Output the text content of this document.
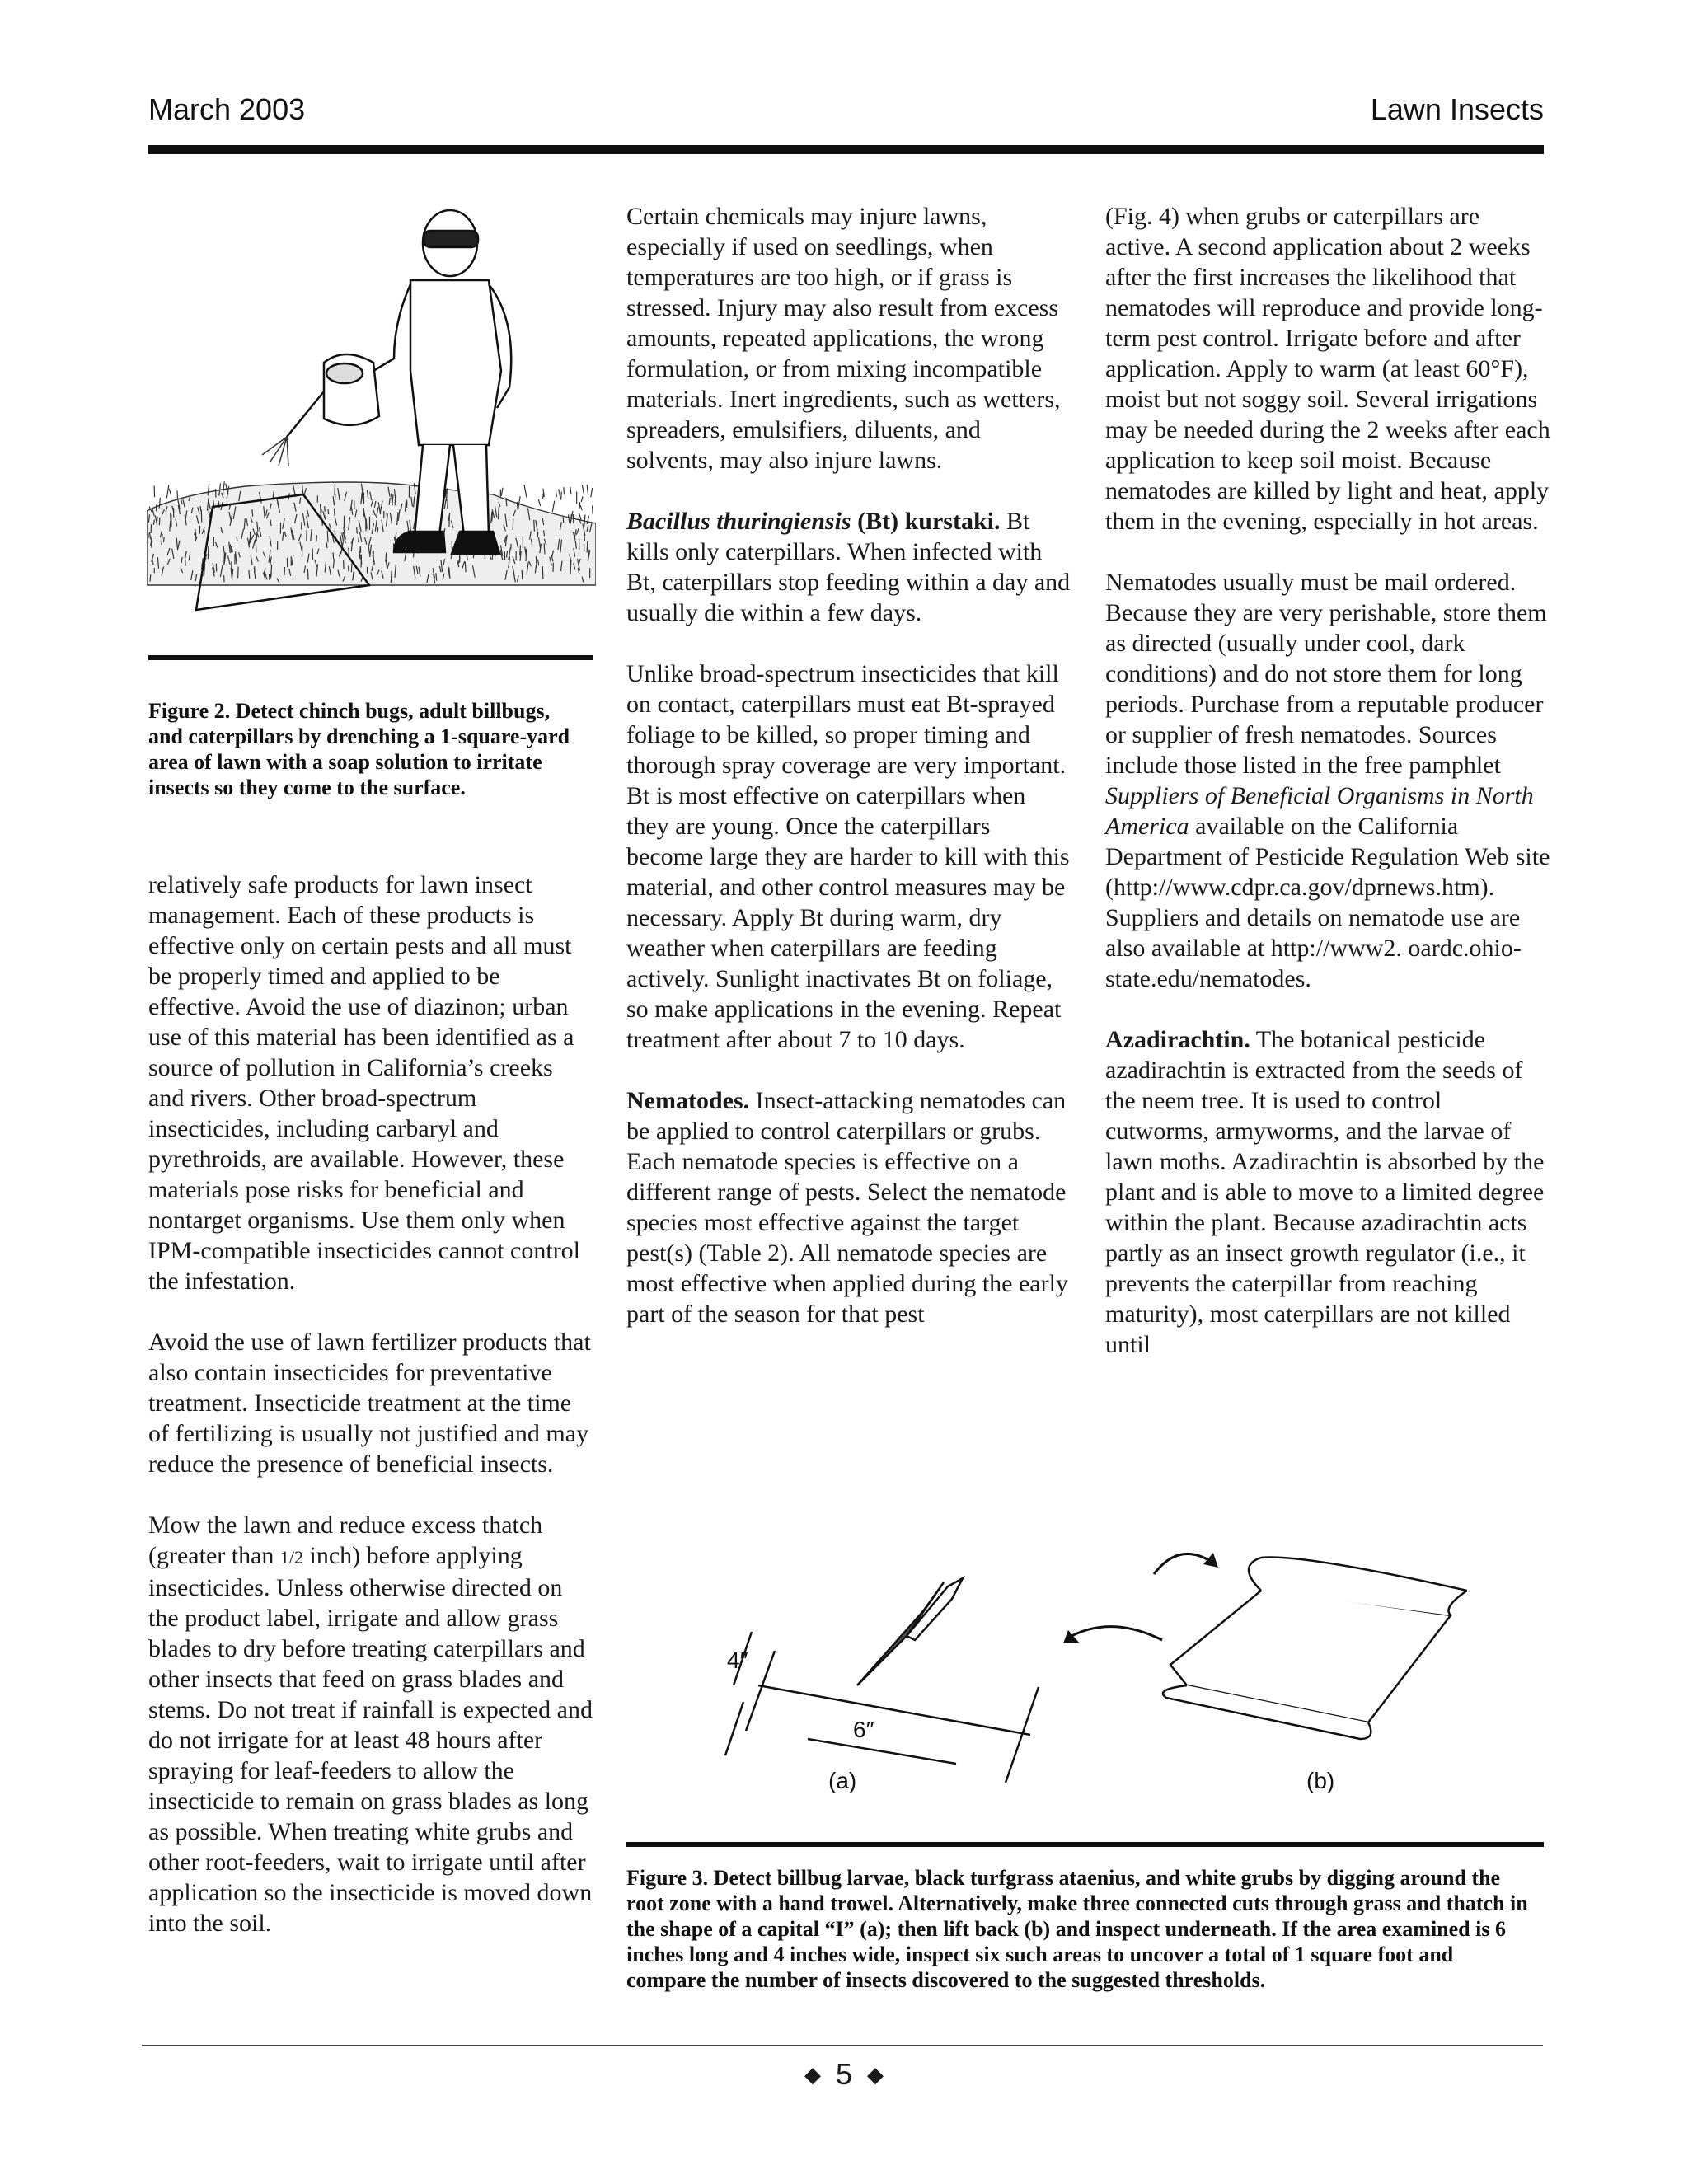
March 2003	Lawn Insects
Figure 2. Detect chinch bugs, adult billbugs, and caterpillars by drenching a 1-square-yard area of lawn with a soap solution to irritate insects so they come to the surface.

relatively safe products for lawn insect management. Each of these products is effective only on certain pests and all must be properly timed and applied to be effective. Avoid the use of diazinon; urban use of this material has been identified as a source of pollution in California’s creeks and rivers. Other broad-spectrum insecticides, including carbaryl and pyrethroids, are available. However, these materials pose risks for beneficial and nontarget organisms. Use them only when IPM-compatible insecticides cannot control the infestation.

Avoid the use of lawn fertilizer products that also contain insecticides for preventative treatment. Insecticide treatment at the time of fertilizing is usually not justified and may reduce the presence of beneficial insects.

Mow the lawn and reduce excess thatch (greater than 1/2 inch) before applying insecticides. Unless otherwise directed on the product label, irrigate and allow grass blades to dry before treating caterpillars and other insects that feed on grass blades and stems. Do not treat if rainfall is expected and do not irrigate for at least 48 hours after spraying for leaf-feeders to allow the insecticide to remain on grass blades as long as possible. When treating white grubs and other root-feeders, wait to irrigate until after application so the insecticide is moved down into the soil.

Certain chemicals may injure lawns, especially if used on seedlings, when temperatures are too high, or if grass is stressed. Injury may also result from excess amounts, repeated applications, the wrong formulation, or from mixing incompatible materials. Inert ingredients, such as wetters, spreaders, emulsifiers, diluents, and solvents, may also injure lawns.

Bacillus thuringiensis (Bt) kurstaki. Bt kills only caterpillars. When infected with Bt, caterpillars stop feeding within a day and usually die within a few days.

Unlike broad-spectrum insecticides that kill on contact, caterpillars must eat Bt-sprayed foliage to be killed, so proper timing and thorough spray coverage are very important. Bt is most effective on caterpillars when they are young. Once the caterpillars become large they are harder to kill with this material, and other control measures may be necessary. Apply Bt during warm, dry weather when caterpillars are feeding actively. Sunlight inactivates Bt on foliage, so make applications in the evening. Repeat treatment after about 7 to 10 days.

Nematodes. Insect-attacking nematodes can be applied to control caterpillars or grubs. Each nematode species is effective on a different range of pests. Select the nematode species most effective against the target pest(s) (Table 2). All nematode species are most effective when applied during the early part of the season for that pest

(Fig. 4) when grubs or caterpillars are active. A second application about 2 weeks after the first increases the likelihood that nematodes will reproduce and provide long-term pest control. Irrigate before and after application. Apply to warm (at least 60°F), moist but not soggy soil. Several irrigations may be needed during the 2 weeks after each application to keep soil moist. Because nematodes are killed by light and heat, apply them in the evening, especially in hot areas.

Nematodes usually must be mail ordered. Because they are very perishable, store them as directed (usually under cool, dark conditions) and do not store them for long periods. Purchase from a reputable producer or supplier of fresh nematodes. Sources include those listed in the free pamphlet Suppliers of Beneficial Organisms in North America available on the California Department of Pesticide Regulation Web site (http://www.cdpr.ca.gov/dprnews.htm). Suppliers and details on nematode use are also available at http://www2. oardc.ohio-state.edu/nematodes.

Azadirachtin. The botanical pesticide azadirachtin is extracted from the seeds of the neem tree. It is used to control cutworms, armyworms, and the larvae of lawn moths. Azadirachtin is absorbed by the plant and is able to move to a limited degree within the plant. Because azadirachtin acts partly as an insect growth regulator (i.e., it prevents the caterpillar from reaching maturity), most caterpillars are not killed until

4″
6″
(a)	(b)
Figure 3. Detect billbug larvae, black turfgrass ataenius, and white grubs by digging around the root zone with a hand trowel. Alternatively, make three connected cuts through grass and thatch in the shape of a capital “I” (a); then lift back (b) and inspect underneath. If the area examined is 6 inches long and 4 inches wide, inspect six such areas to uncover a total of 1 square foot and compare the number of insects discovered to the suggested thresholds.
◆ 5 ◆
